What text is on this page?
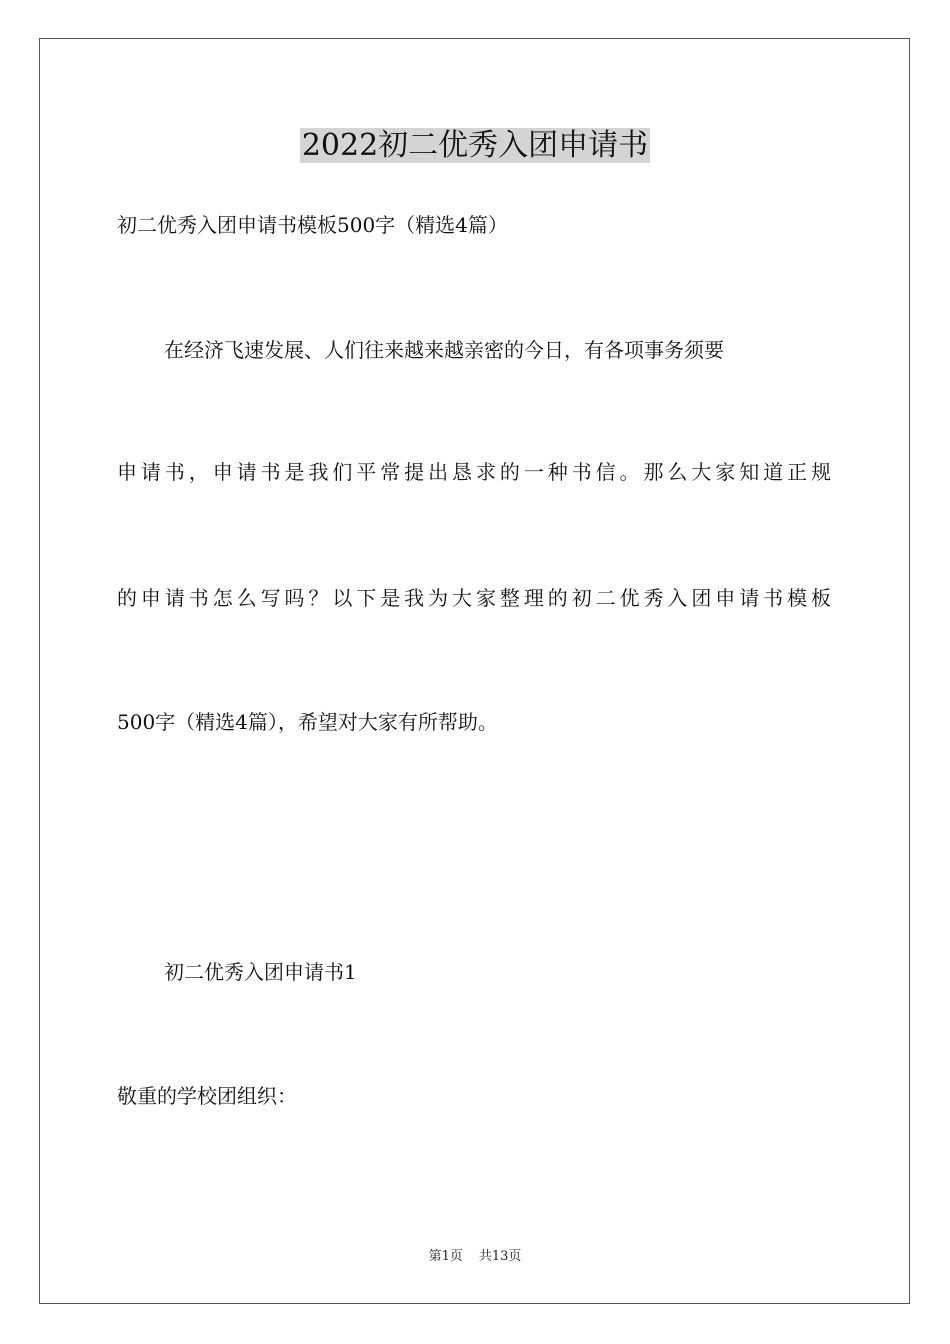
2022初二优秀入团申请书
初二优秀入团申请书模板500字（精选4篇）
在经济飞速发展、人们往来越来越亲密的今日，有各项事务须要
申请书，申请书是我们平常提出恳求的一种书信。那么大家知道正规
的申请书怎么写吗？以下是我为大家整理的初二优秀入团申请书模板
500字（精选4篇），希望对大家有所帮助。
初二优秀入团申请书1
敬重的学校团组织：
第1页 共13页
